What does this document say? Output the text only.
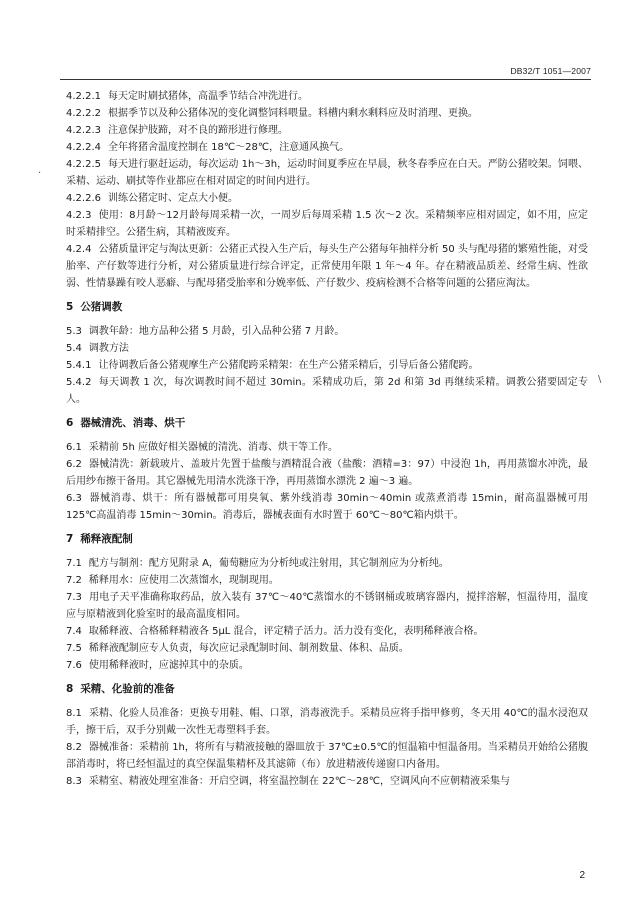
DB32/T 1051—2007
.
\

4.2.2.1 每天定时刷拭猪体，高温季节结合冲洗进行。

4.2.2.2 根据季节以及种公猪体况的变化调整饲料喂量。料槽内剩水剩料应及时消理、更换。

4.2.2.3 注意保护肢蹄，对不良的蹄形进行修理。

4.2.2.4 全年将猪舍温度控制在 18℃～28℃，注意通风换气。

4.2.2.5 每天进行驱赶运动，每次运动 1h～3h，运动时间夏季应在早晨，秋冬春季应在白天。严防公猪咬架。饲喂、采精、运动、刷拭等作业都应在相对固定的时间内进行。

4.2.2.6 训练公猪定时、定点大小便。

4.2.3 使用：8月龄～12月龄每周采精一次，一周岁后每周采精 1.5 次～2 次。采精频率应相对固定，如不用，应定时采精排空。公猪生病，其精液废弃。

4.2.4 公猪质量评定与淘汰更新：公猪正式投入生产后，每头生产公猪每年抽样分析 50 头与配母猪的繁殖性能，对受胎率、产仔数等进行分析，对公猪质量进行综合评定，正常使用年限 1 年～4 年。存在精液品质差、经常生病、性欲弱、性情暴躁有咬人恶癖、与配母猪受胎率和分娩率低、产仔数少、疫病检测不合格等问题的公猪应淘汰。

5 公猪调教

5.3 调教年龄：地方品种公猪 5 月龄，引入品种公猪 7 月龄。

5.4 调教方法

5.4.1 让待调教后备公猪观摩生产公猪爬跨采精架：在生产公猪采精后，引导后备公猪爬跨。

5.4.2 每天调教 1 次，每次调教时间不超过 30min。采精成功后，第 2d 和第 3d 再继续采精。调教公猪要固定专人。

6 器械清洗、消毒、烘干

6.1 采精前 5h 应做好相关器械的清洗、消毒、烘干等工作。

6.2 器械清洗：新载玻片、盖玻片先置于盐酸与酒精混合液（盐酸：酒精=3：97）中浸泡 1h，再用蒸馏水冲洗，最后用纱布擦干备用。其它器械先用清水洗涤干净，再用蒸馏水漂洗 2 遍～3 遍。

6.3 器械消毒、烘干：所有器械都可用臭氧、紫外线消毒 30min～40min 或蒸煮消毒 15min，耐高温器械可用 125℃高温消毒 15min～30min。消毒后，器械表面有水时置于 60℃～80℃箱内烘干。

7 稀释液配制

7.1 配方与制剂：配方见附录 A，葡萄糖应为分析纯或注射用，其它制剂应为分析纯。

7.2 稀释用水：应使用二次蒸馏水，现制现用。

7.3 用电子天平准确称取药品，放入装有 37℃～40℃蒸馏水的不锈钢桶或玻璃容器内，搅拌溶解，恒温待用，温度应与原精液到化验室时的最高温度相同。

7.4 取稀释液、合格稀释精液各 5μL 混合，评定精子活力。活力没有变化，表明稀释液合格。

7.5 稀释液配制应专人负责，每次应记录配制时间、制剂数量、体积、品质。

7.6 使用稀释液时，应滤掉其中的杂质。

8 采精、化验前的准备

8.1 采精、化验人员准备：更换专用鞋、帽、口罩，消毒液洗手。采精员应将手指甲修剪，冬天用 40℃的温水浸泡双手，擦干后，双手分别戴一次性无毒塑料手套。

8.2 器械准备：采精前 1h，将所有与精液接触的器皿放于 37℃±0.5℃的恒温箱中恒温备用。当采精员开始给公猪腹部消毒时，将已经恒温过的真空保温集精杯及其滤筛（布）放进精液传递窗口内备用。

8.3 采精室、精液处理室准备：开启空调，将室温控制在 22℃～28℃，空调风向不应朝精液采集与

2
